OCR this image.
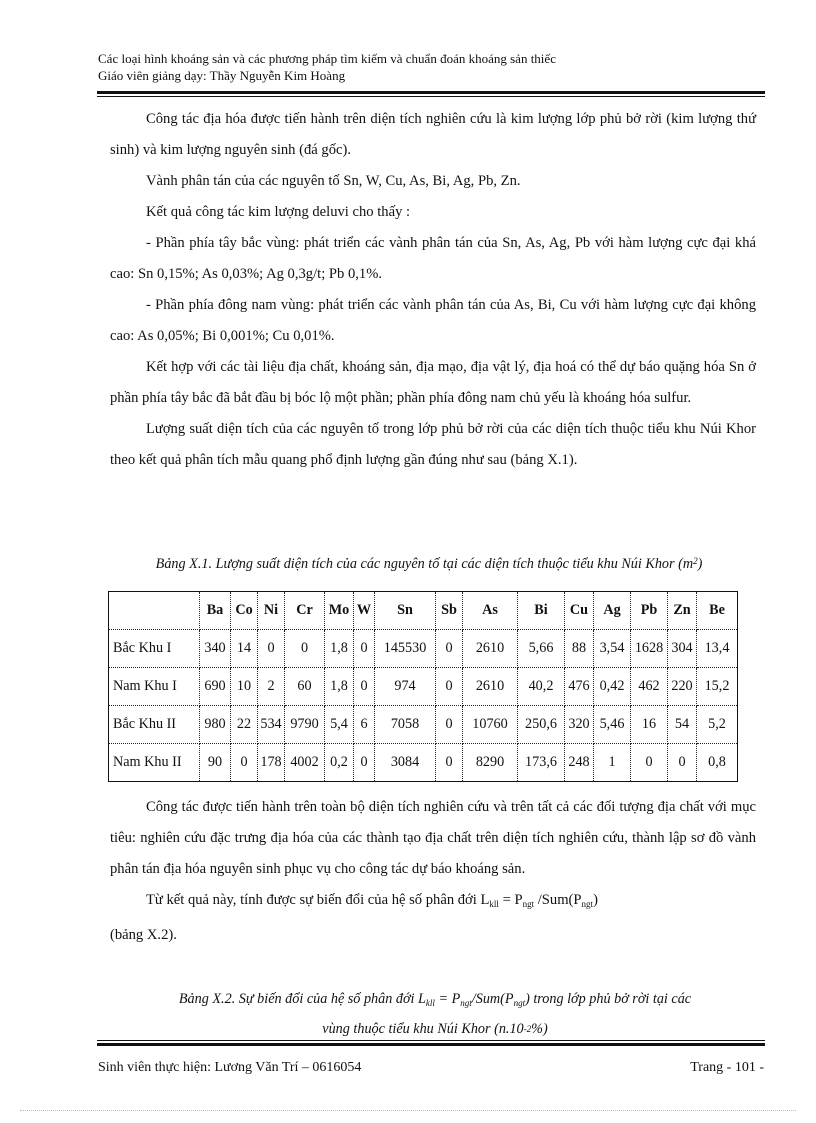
Các loại hình khoáng sản và các phương pháp tìm kiếm và chuẩn đoán khoáng sản thiếc
Giáo viên giảng dạy: Thầy Nguyễn Kim Hoàng

Công tác địa hóa được tiến hành trên diện tích nghiên cứu là kim lượng lớp phủ bở rời (kim lượng thứ sinh) và kim lượng nguyên sinh (đá gốc).

Vành phân tán của các nguyên tố Sn, W, Cu, As, Bi, Ag, Pb, Zn.

Kết quả công tác kim lượng deluvi cho thấy :

- Phần phía tây bắc vùng: phát triển các vành phân tán của Sn, As, Ag, Pb với hàm lượng cực đại khá cao: Sn 0,15%; As 0,03%; Ag 0,3g/t; Pb 0,1%.

- Phần phía đông nam vùng: phát triển các vành phân tán của As, Bi, Cu với hàm lượng cực đại không cao: As 0,05%; Bi 0,001%; Cu 0,01%.

Kết hợp với các tài liệu địa chất, khoáng sản, địa mạo, địa vật lý, địa hoá có thể dự báo quặng hóa Sn ở phần phía tây bắc đã bắt đầu bị bóc lộ một phần; phần phía đông nam chủ yếu là khoáng hóa sulfur.

Lượng suất diện tích của các nguyên tố trong lớp phủ bở rời của các diện tích thuộc tiểu khu Núi Khor theo kết quả phân tích mẫu quang phổ định lượng gần đúng như sau (bảng X.1).

Bảng X.1. Lượng suất diện tích của các nguyên tố tại các diện tích thuộc tiểu khu Núi Khor $(m^2)$
	Ba	Co	Ni	Cr	Mo	W	Sn	Sb	As	Bi	Cu	Ag	Pb	Zn	Be
Bắc Khu I	340	14	0	0	1,8	0	145530	0	2610	5,66	88	3,54	1628	304	13,4
Nam Khu I	690	10	2	60	1,8	0	974	0	2610	40,2	476	0,42	462	220	15,2
Bắc Khu II	980	22	534	9790	5,4	6	7058	0	10760	250,6	320	5,46	16	54	5,2
Nam Khu II	90	0	178	4002	0,2	0	3084	0	8290	173,6	248	1	0	0	0,8

Công tác được tiến hành trên toàn bộ diện tích nghiên cứu và trên tất cả các đối tượng địa chất với mục tiêu: nghiên cứu đặc trưng địa hóa của các thành tạo địa chất trên diện tích nghiên cứu, thành lập sơ đồ vành phân tán địa hóa nguyên sinh phục vụ cho công tác dự báo khoáng sản.

Từ kết quả này, tính được sự biến đổi của hệ số phân đới $L_{kll} = P_{ngt}$ $/Sum(P_{ngt})$

(bảng X.2).

Bảng X.2. Sự biến đổi của hệ số phân đới $L_{kll} = P_{ngt}/Sum(P_{ngt})$ trong lớp phủ bở rời tại các
vùng thuộc tiểu khu Núi Khor $(n.10^{-2}\%)$
Sinh viên thực hiện: Lương Văn Trí – 0616054	Trang - 101 -
